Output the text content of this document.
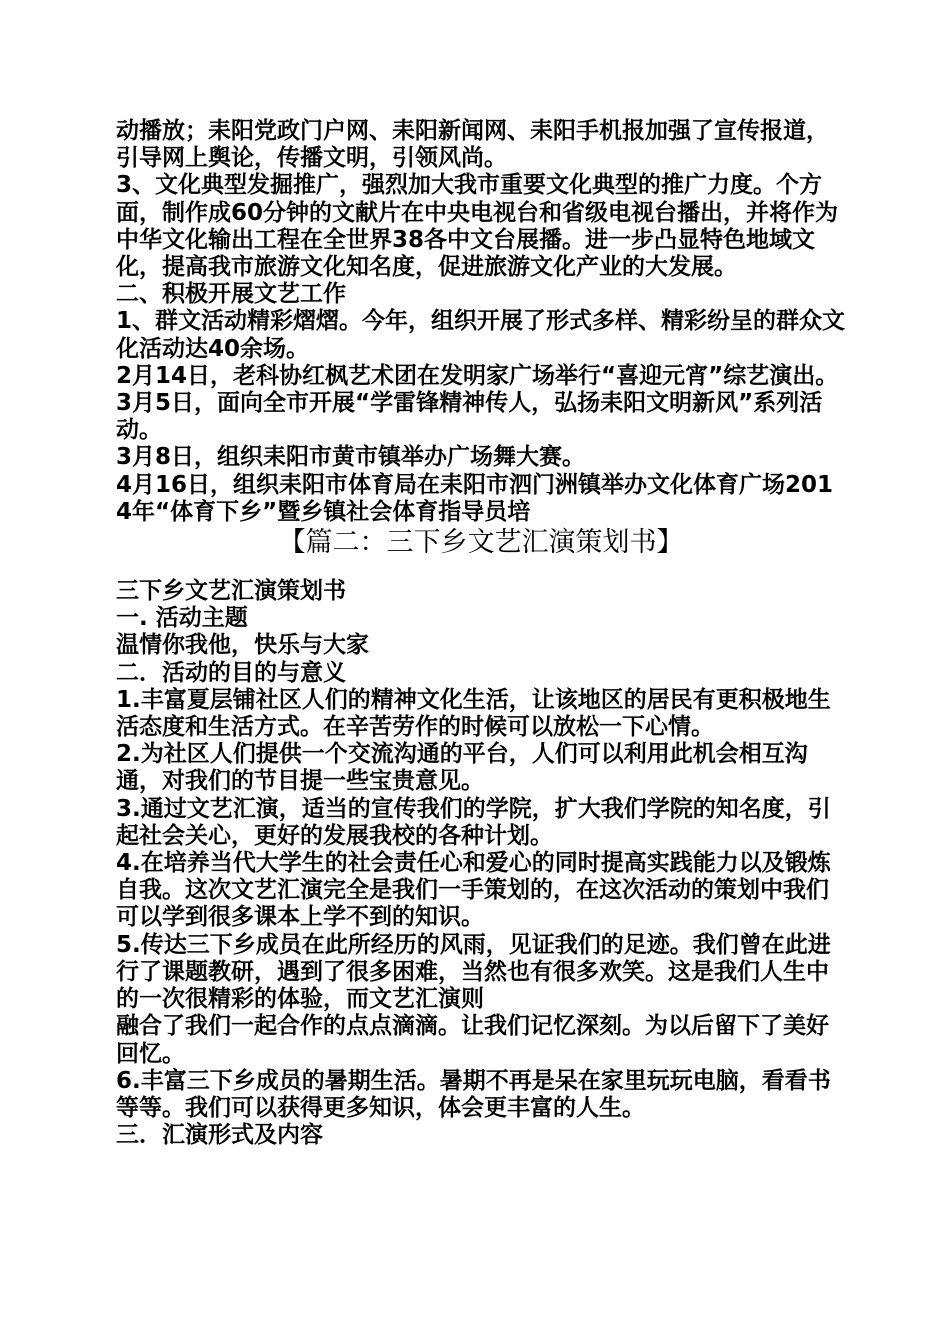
动播放；耒阳党政门户网、耒阳新闻网、耒阳手机报加强了宣传报道，引导网上舆论，传播文明，引领风尚。

3、文化典型发掘推广，强烈加大我市重要文化典型的推广力度。个方面，制作成60分钟的文献片在中央电视台和省级电视台播出，并将作为中华文化输出工程在全世界38各中文台展播。进一步凸显特色地域文化，提高我市旅游文化知名度，促进旅游文化产业的大发展。

二、积极开展文艺工作

1、群文活动精彩熠熠。今年，组织开展了形式多样、精彩纷呈的群众文化活动达40余场。

2月14日，老科协红枫艺术团在发明家广场举行“喜迎元宵”综艺演出。

3月5日，面向全市开展“学雷锋精神传人，弘扬耒阳文明新风”系列活动。

3月8日，组织耒阳市黄市镇举办广场舞大赛。

4月16日，组织耒阳市体育局在耒阳市泗门洲镇举办文化体育广场2014年“体育下乡”暨乡镇社会体育指导员培

【篇二：三下乡文艺汇演策划书】

三下乡文艺汇演策划书

一. 活动主题

温情你我他，快乐与大家

二．活动的目的与意义

1.丰富夏层铺社区人们的精神文化生活，让该地区的居民有更积极地生活态度和生活方式。在辛苦劳作的时候可以放松一下心情。

2.为社区人们提供一个交流沟通的平台，人们可以利用此机会相互沟通，对我们的节目提一些宝贵意见。

3.通过文艺汇演，适当的宣传我们的学院，扩大我们学院的知名度，引起社会关心，更好的发展我校的各种计划。

4.在培养当代大学生的社会责任心和爱心的同时提高实践能力以及锻炼自我。这次文艺汇演完全是我们一手策划的，在这次活动的策划中我们可以学到很多课本上学不到的知识。

5.传达三下乡成员在此所经历的风雨，见证我们的足迹。我们曾在此进行了课题教研，遇到了很多困难，当然也有很多欢笑。这是我们人生中的一次很精彩的体验，而文艺汇演则

融合了我们一起合作的点点滴滴。让我们记忆深刻。为以后留下了美好回忆。

6.丰富三下乡成员的暑期生活。暑期不再是呆在家里玩玩电脑，看看书等等。我们可以获得更多知识，体会更丰富的人生。

三．汇演形式及内容
